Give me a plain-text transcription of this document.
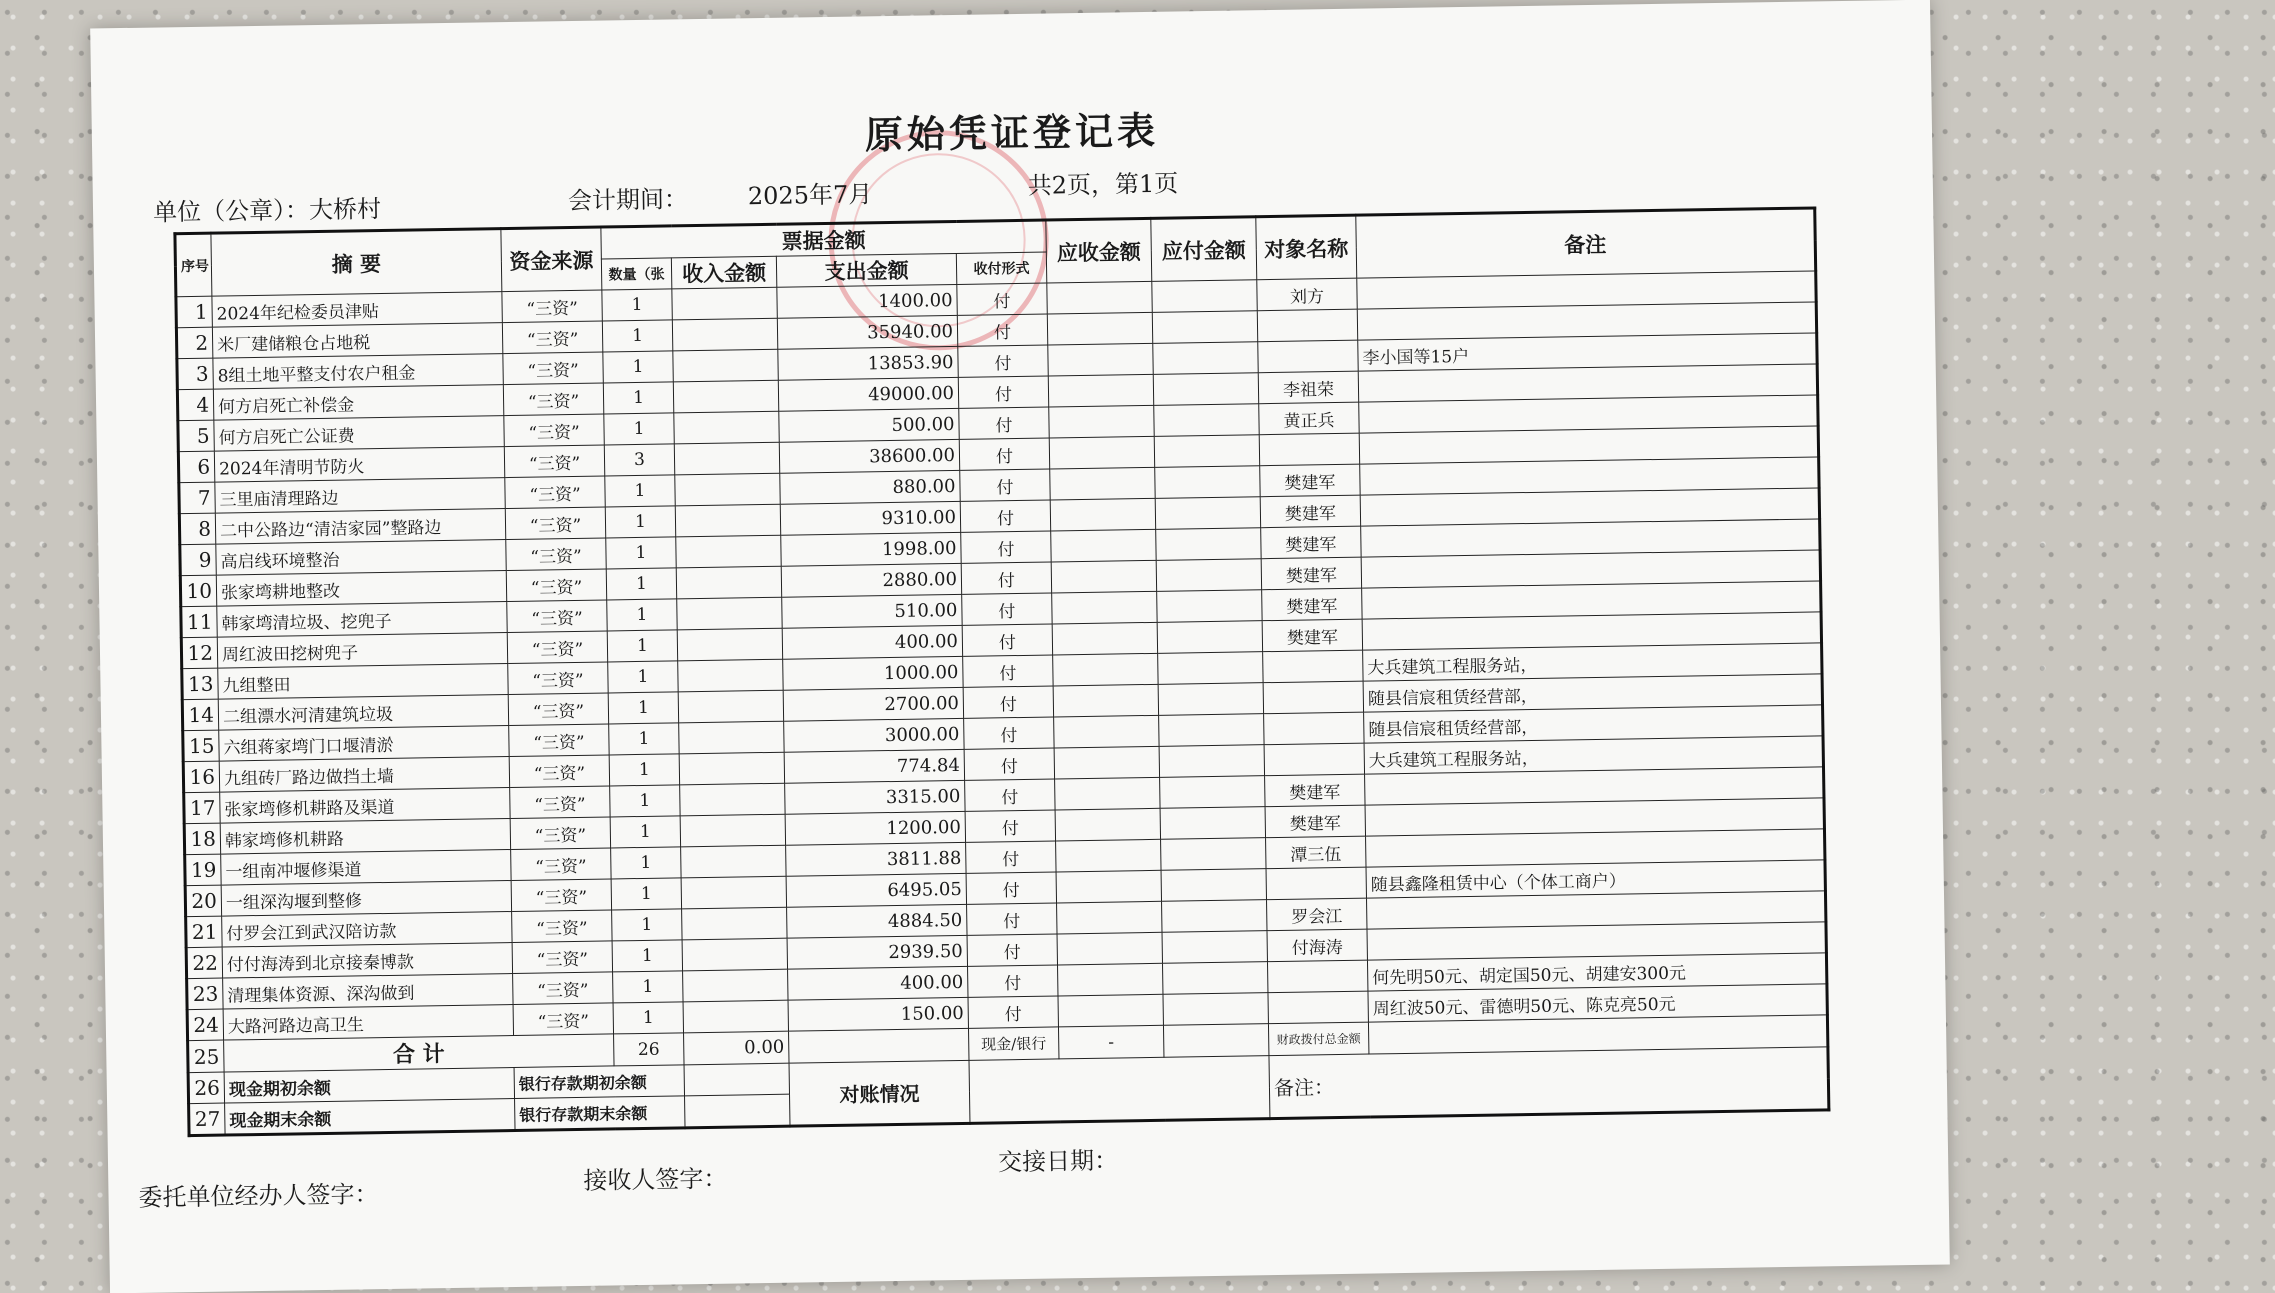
原始凭证登记表
单位（公章）：大桥村	会计期间： 2025年7月	共2页，第1页
序号	摘 要	资金来源	票据金额				应收金额	应付金额	对象名称	备注
			数量（张	收入金额	支出金额	收付形式				
1	2024年纪检委员津贴	“三资”	1		1400.00	付			刘方	
2	米厂建储粮仓占地税	“三资”	1		35940.00	付				
3	8组土地平整支付农户租金	“三资”	1		13853.90	付				李小国等15户
4	何方启死亡补偿金	“三资”	1		49000.00	付			李祖荣	
5	何方启死亡公证费	“三资”	1		500.00	付			黄正兵	
6	2024年清明节防火	“三资”	3		38600.00	付				
7	三里庙清理路边	“三资”	1		880.00	付			樊建军	
8	二中公路边“清洁家园”整路边	“三资”	1		9310.00	付			樊建军	
9	高启线环境整治	“三资”	1		1998.00	付			樊建军	
10	张家塆耕地整改	“三资”	1		2880.00	付			樊建军	
11	韩家塆清垃圾、挖兜子	“三资”	1		510.00	付			樊建军	
12	周红波田挖树兜子	“三资”	1		400.00	付			樊建军	
13	九组整田	“三资”	1		1000.00	付				大兵建筑工程服务站，
14	二组漂水河清建筑垃圾	“三资”	1		2700.00	付				随县信宸租赁经营部，
15	六组蒋家塆门口堰清淤	“三资”	1		3000.00	付				随县信宸租赁经营部，
16	九组砖厂路边做挡土墙	“三资”	1		774.84	付				大兵建筑工程服务站，
17	张家塆修机耕路及渠道	“三资”	1		3315.00	付			樊建军	
18	韩家塆修机耕路	“三资”	1		1200.00	付			樊建军	
19	一组南冲堰修渠道	“三资”	1		3811.88	付			潭三伍	
20	一组深沟堰到整修	“三资”	1		6495.05	付				随县鑫隆租赁中心（个体工商户）
21	付罗会江到武汉陪访款	“三资”	1		4884.50	付			罗会江	
22	付付海涛到北京接秦博款	“三资”	1		2939.50	付			付海涛	
23	清理集体资源、深沟做到	“三资”	1		400.00	付				何先明50元、胡定国50元、胡建安300元
24	大路河路边高卫生	“三资”	1		150.00	付				周红波50元、雷德明50元、陈克亮50元
25	合 计		26	0.00		现金/银行	-		财政拨付总金额	
26	现金期初余额	银行存款期初余额			对账情况				备注：	
27	现金期末余额	银行存款期末余额								
委托单位经办人签字：
接收人签字：
交接日期：
